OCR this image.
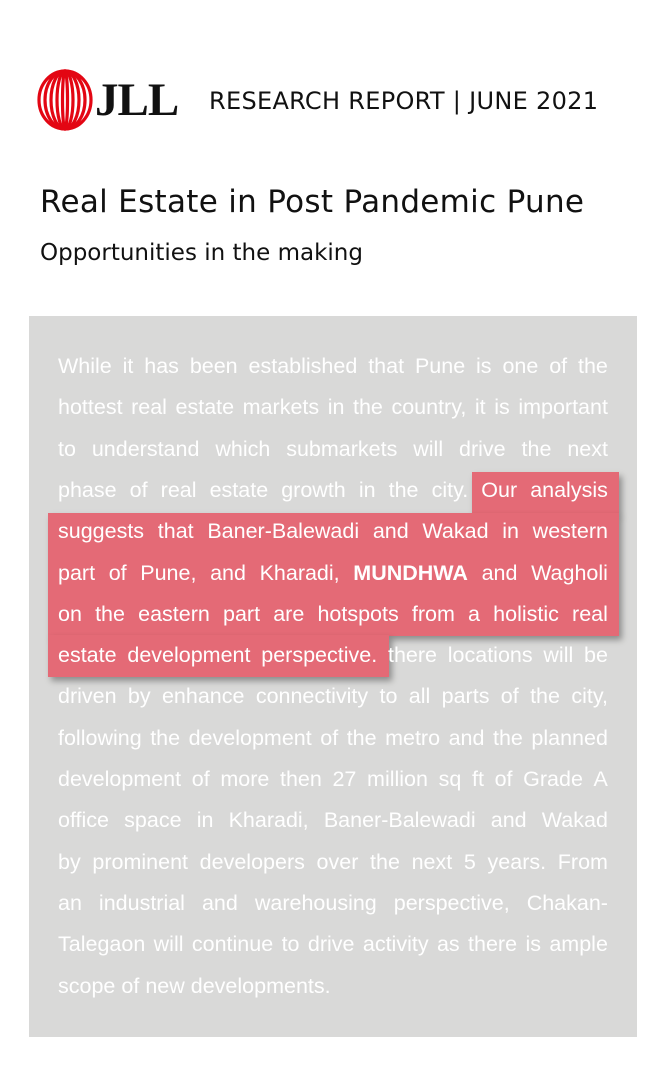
JLL RESEARCH REPORT | JUNE 2021
Real Estate in Post Pandemic Pune
Opportunities in the making
While it has been established that Pune is one of the
hottest real estate markets in the country, it is important
to understand which submarkets will drive the next
phase of real estate growth in the city. Our analysis
suggests that Baner-Balewadi and Wakad in western
part of Pune, and Kharadi, MUNDHWA and Wagholi
on the eastern part are hotspots from a holistic real
estate development perspective. there locations will be
driven by enhance connectivity to all parts of the city,
following the development of the metro and the planned
development of more then 27 million sq ft of Grade A
office space in Kharadi, Baner-Balewadi and Wakad
by prominent developers over the next 5 years. From
an industrial and warehousing perspective, Chakan-
Talegaon will continue to drive activity as there is ample
scope of new developments.
